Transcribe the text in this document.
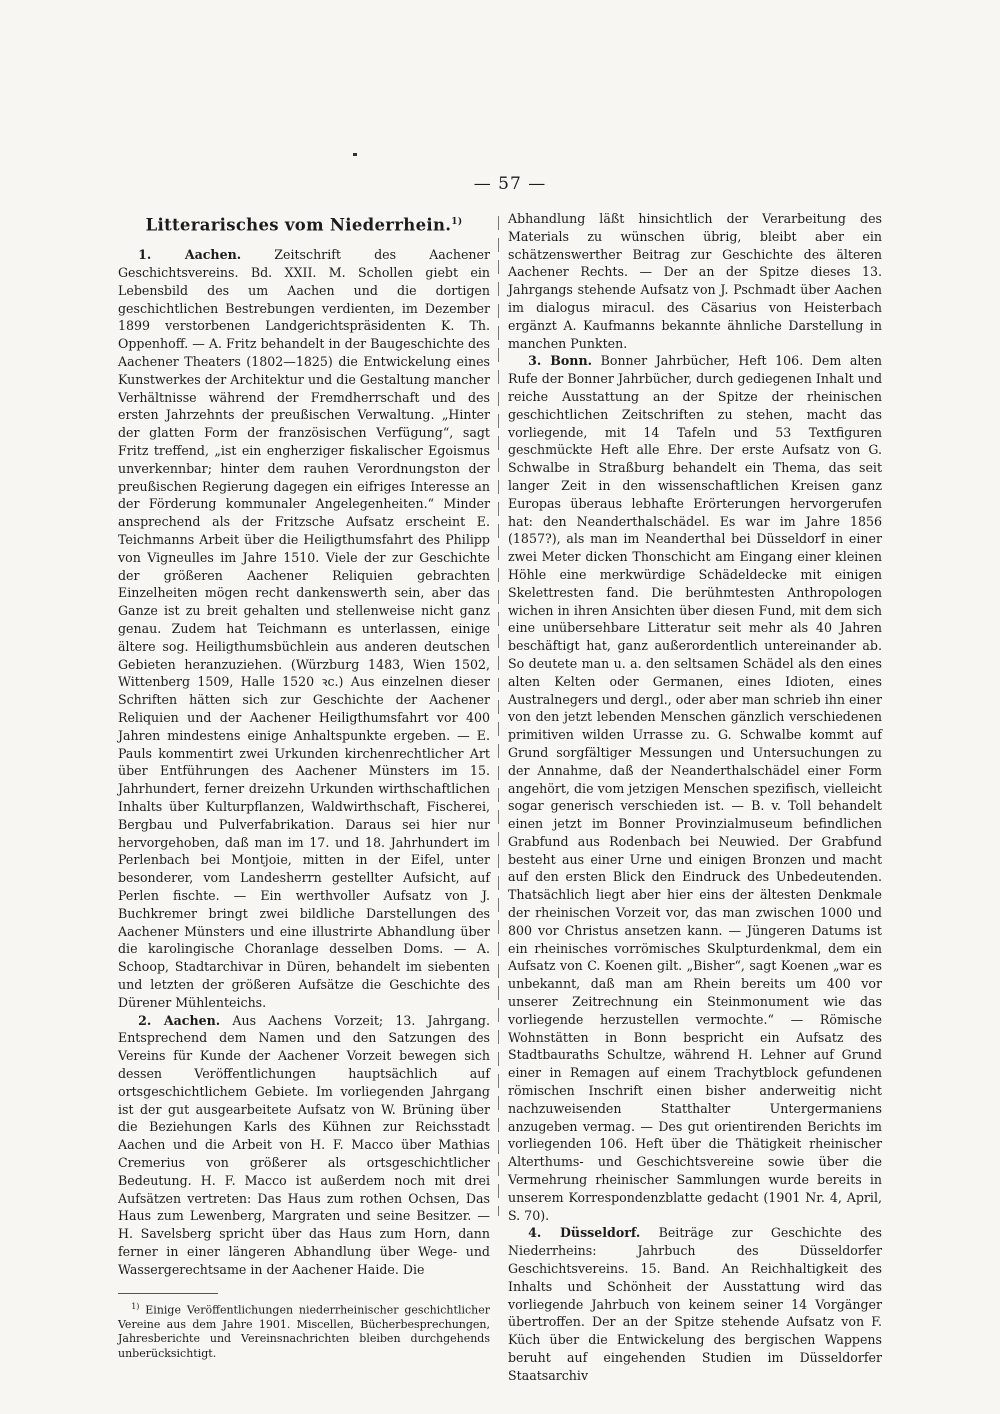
— 57 —
Litterarisches vom Niederrhein.$^{1)}$

1. Aachen.	Zeitschrift des Aachener Geschichtsvereins. Bd. XXII. M. Schollen giebt ein Lebensbild des um Aachen und die dortigen geschichtlichen Bestrebungen verdienten, im Dezember 1899 verstorbenen Landgerichtspräsidenten K. Th. Oppenhoff. — A. Fritz behandelt in der Baugeschichte des Aachener Theaters (1802—1825) die Entwickelung eines Kunstwerkes der Architektur und die Gestaltung mancher Verhältnisse während der Fremdherrschaft und des ersten Jahrzehnts der preußischen Verwaltung. „Hinter der glatten Form der französischen Verfügung“, sagt Fritz treffend, „ist ein engherziger fiskalischer Egoismus unverkennbar; hinter dem rauhen Verordnungston der preußischen Regierung dagegen ein eifriges Interesse an der Förderung kommunaler Angelegenheiten.“ Minder ansprechend als der Fritzsche Aufsatz erscheint E. Teichmanns Arbeit über die Heiligthumsfahrt des Philipp von Vigneulles im Jahre 1510. Viele der zur Geschichte der größeren Aachener Reliquien gebrachten Einzelheiten mögen recht dankenswerth sein, aber das Ganze ist zu breit gehalten und stellenweise nicht ganz genau. Zudem hat Teichmann es unterlassen, einige ältere sog. Heiligthumsbüchlein aus anderen deutschen Gebieten heranzuziehen. (Würzburg 1483, Wien 1502, Wittenberg 1509, Halle 1520 ꝛc.) Aus einzelnen dieser Schriften hätten sich zur Geschichte der Aachener Reliquien und der Aachener Heiligthumsfahrt vor 400 Jahren mindestens einige Anhaltspunkte ergeben. — E. Pauls kommentirt zwei Urkunden kirchenrechtlicher Art über Entführungen des Aachener Münsters im 15. Jahrhundert, ferner dreizehn Urkunden wirthschaftlichen Inhalts über Kulturpflanzen, Waldwirthschaft, Fischerei, Bergbau und Pulverfabrikation. Daraus sei hier nur hervorgehoben, daß man im 17. und 18. Jahrhundert im Perlenbach bei Montjoie, mitten in der Eifel, unter besonderer, vom Landesherrn gestellter Aufsicht, auf Perlen fischte. — Ein werthvoller Aufsatz von J. Buchkremer bringt zwei bildliche Darstellungen des Aachener Münsters und eine illustrirte Abhandlung über die karolingische Choranlage desselben Doms. — A. Schoop, Stadtarchivar in Düren, behandelt im siebenten und letzten der größeren Aufsätze die Geschichte des Dürener Mühlenteichs.

2. Aachen. Aus Aachens Vorzeit; 13. Jahrgang. Entsprechend dem Namen und den Satzungen des Vereins für Kunde der Aachener Vorzeit bewegen sich dessen Veröffentlichungen hauptsächlich auf ortsgeschichtlichem Gebiete. Im vorliegenden Jahrgang ist der gut ausgearbeitete Aufsatz von W. Brüning über die Beziehungen Karls des Kühnen zur Reichsstadt Aachen und die Arbeit von H. F. Macco über Mathias Cremerius von größerer als ortsgeschichtlicher Bedeutung. H. F. Macco ist außerdem noch mit drei Aufsätzen vertreten: Das Haus zum rothen Ochsen, Das Haus zum Lewenberg, Margraten und seine Besitzer. — H. Savelsberg spricht über das Haus zum Horn, dann ferner in einer längeren Abhandlung über Wege- und Wassergerechtsame in der Aachener Haide. Die

$^{1)}$ Einige Veröffentlichungen niederrheinischer geschichtlicher Vereine aus dem Jahre 1901. Miscellen, Bücherbesprechungen, Jahresberichte und Vereinsnachrichten bleiben durchgehends unberücksichtigt.

Abhandlung läßt hinsichtlich der Verarbeitung des Materials zu wünschen übrig, bleibt aber ein schätzenswerther Beitrag zur Geschichte des älteren Aachener Rechts. — Der an der Spitze dieses 13. Jahrgangs stehende Aufsatz von J. Pschmadt über Aachen im dialogus miracul. des Cäsarius von Heisterbach ergänzt A. Kaufmanns bekannte ähnliche Darstellung in manchen Punkten.

3. Bonn. Bonner Jahrbücher, Heft 106. Dem alten Rufe der Bonner Jahrbücher, durch gediegenen Inhalt und reiche Ausstattung an der Spitze der rheinischen geschichtlichen Zeitschriften zu stehen, macht das vorliegende, mit 14 Tafeln und 53 Textfiguren geschmückte Heft alle Ehre. Der erste Aufsatz von G. Schwalbe in Straßburg behandelt ein Thema, das seit langer Zeit in den wissenschaftlichen Kreisen ganz Europas überaus lebhafte Erörterungen hervorgerufen hat: den Neanderthalschädel. Es war im Jahre 1856 (1857?), als man im Neanderthal bei Düsseldorf in einer zwei Meter dicken Thonschicht am Eingang einer kleinen Höhle eine merkwürdige Schädeldecke mit einigen Skelettresten fand. Die berühmtesten Anthropologen wichen in ihren Ansichten über diesen Fund, mit dem sich eine unübersehbare Litteratur seit mehr als 40 Jahren beschäftigt hat, ganz außerordentlich untereinander ab. So deutete man u. a. den seltsamen Schädel als den eines alten Kelten oder Germanen, eines Idioten, eines Australnegers und dergl., oder aber man schrieb ihn einer von den jetzt lebenden Menschen gänzlich verschiedenen primitiven wilden Urrasse zu. G. Schwalbe kommt auf Grund sorgfältiger Messungen und Untersuchungen zu der Annahme, daß der Neanderthalschädel einer Form angehört, die vom jetzigen Menschen spezifisch, vielleicht sogar generisch verschieden ist. — B. v. Toll behandelt einen jetzt im Bonner Provinzialmuseum befindlichen Grabfund aus Rodenbach bei Neuwied. Der Grabfund besteht aus einer Urne und einigen Bronzen und macht auf den ersten Blick den Eindruck des Unbedeutenden. Thatsächlich liegt aber hier eins der ältesten Denkmale der rheinischen Vorzeit vor, das man zwischen 1000 und 800 vor Christus ansetzen kann. — Jüngeren Datums ist ein rheinisches vorrömisches Skulpturdenkmal, dem ein Aufsatz von C. Koenen gilt. „Bisher“, sagt Koenen „war es unbekannt, daß man am Rhein bereits um 400 vor unserer Zeitrechnung ein Steinmonument wie das vorliegende herzustellen vermochte.“ — Römische Wohnstätten in Bonn bespricht ein Aufsatz des Stadtbauraths Schultze, während H. Lehner auf Grund einer in Remagen auf einem Trachytblock gefundenen römischen Inschrift einen bisher anderweitig nicht nachzuweisenden Statthalter Untergermaniens anzugeben vermag. — Des gut orientirenden Berichts im vorliegenden 106. Heft über die Thätigkeit rheinischer Alterthums- und Geschichtsvereine sowie über die Vermehrung rheinischer Sammlungen wurde bereits in unserem Korrespondenzblatte gedacht (1901 Nr. 4, April, S. 70).

4. Düsseldorf. Beiträge zur Geschichte des Niederrheins: Jahrbuch des Düsseldorfer Geschichtsvereins. 15. Band. An Reichhaltigkeit des Inhalts und Schönheit der Ausstattung wird das vorliegende Jahrbuch von keinem seiner 14 Vorgänger übertroffen. Der an der Spitze stehende Aufsatz von F. Küch über die Entwickelung des bergischen Wappens beruht auf eingehenden Studien im Düsseldorfer Staatsarchiv
